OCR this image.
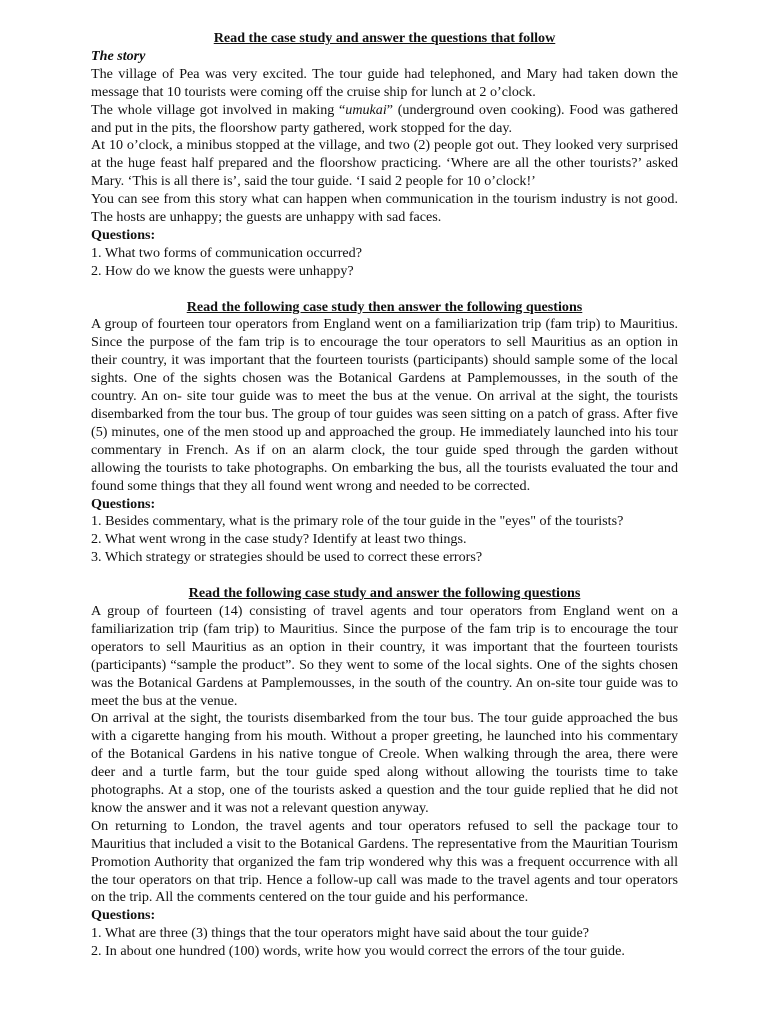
Read the case study and answer the questions that follow
The story

The village of Pea was very excited. The tour guide had telephoned, and Mary had taken down the message that 10 tourists were coming off the cruise ship for lunch at 2 o’clock.

The whole village got involved in making “umukai” (underground oven cooking). Food was gathered and put in the pits, the floorshow party gathered, work stopped for the day.

At 10 o’clock, a minibus stopped at the village, and two (2) people got out. They looked very surprised at the huge feast half prepared and the floorshow practicing. ‘Where are all the other tourists?’ asked Mary. ‘This is all there is’, said the tour guide. ‘I said 2 people for 10 o’clock!’

You can see from this story what can happen when communication in the tourism industry is not good. The hosts are unhappy; the guests are unhappy with sad faces.

Questions:

1. What two forms of communication occurred?

2. How do we know the guests were unhappy?

Read the following case study then answer the following questions

A group of fourteen tour operators from England went on a familiarization trip (fam trip) to Mauritius. Since the purpose of the fam trip is to encourage the tour operators to sell Mauritius as an option in their country, it was important that the fourteen tourists (participants) should sample some of the local sights. One of the sights chosen was the Botanical Gardens at Pamplemousses, in the south of the country. An on- site tour guide was to meet the bus at the venue. On arrival at the sight, the tourists disembarked from the tour bus. The group of tour guides was seen sitting on a patch of grass. After five (5) minutes, one of the men stood up and approached the group. He immediately launched into his tour commentary in French. As if on an alarm clock, the tour guide sped through the garden without allowing the tourists to take photographs. On embarking the bus, all the tourists evaluated the tour and found some things that they all found went wrong and needed to be corrected.

Questions:

1. Besides commentary, what is the primary role of the tour guide in the "eyes" of the tourists?

2. What went wrong in the case study? Identify at least two things.

3. Which strategy or strategies should be used to correct these errors?

Read the following case study and answer the following questions

A group of fourteen (14) consisting of travel agents and tour operators from England went on a familiarization trip (fam trip) to Mauritius. Since the purpose of the fam trip is to encourage the tour operators to sell Mauritius as an option in their country, it was important that the fourteen tourists (participants) “sample the product”. So they went to some of the local sights. One of the sights chosen was the Botanical Gardens at Pamplemousses, in the south of the country. An on-site tour guide was to meet the bus at the venue.

On arrival at the sight, the tourists disembarked from the tour bus. The tour guide approached the bus with a cigarette hanging from his mouth. Without a proper greeting, he launched into his commentary of the Botanical Gardens in his native tongue of Creole. When walking through the area, there were deer and a turtle farm, but the tour guide sped along without allowing the tourists time to take photographs. At a stop, one of the tourists asked a question and the tour guide replied that he did not know the answer and it was not a relevant question anyway.

On returning to London, the travel agents and tour operators refused to sell the package tour to Mauritius that included a visit to the Botanical Gardens. The representative from the Mauritian Tourism Promotion Authority that organized the fam trip wondered why this was a frequent occurrence with all the tour operators on that trip. Hence a follow-up call was made to the travel agents and tour operators on the trip. All the comments centered on the tour guide and his performance.

Questions:

1. What are three (3) things that the tour operators might have said about the tour guide?

2. In about one hundred (100) words, write how you would correct the errors of the tour guide.
